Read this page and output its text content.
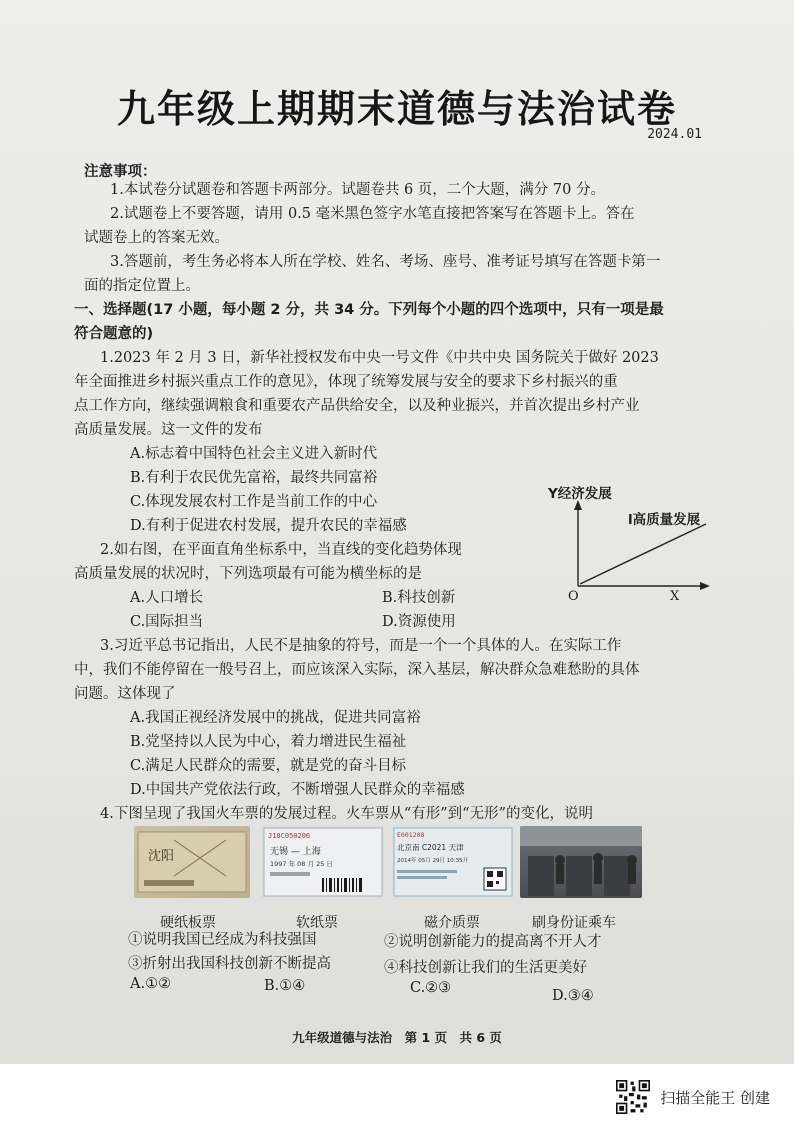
九年级上期期末道德与法治试卷
2024.01
注意事项：
1.本试卷分试题卷和答题卡两部分。试题卷共 6 页，二个大题，满分 70 分。
2.试题卷上不要答题，请用 0.5 毫米黑色签字水笔直接把答案写在答题卡上。答在
试题卷上的答案无效。
3.答题前，考生务必将本人所在学校、姓名、考场、座号、准考证号填写在答题卡第一
面的指定位置上。
一、选择题(17 小题，每小题 2 分，共 34 分。下列每个小题的四个选项中，只有一项是最
符合题意的)
1.2023 年 2 月 3 日，新华社授权发布中央一号文件《中共中央 国务院关于做好 2023
年全面推进乡村振兴重点工作的意见》，体现了统筹发展与安全的要求下乡村振兴的重
点工作方向，继续强调粮食和重要农产品供给安全，以及种业振兴，并首次提出乡村产业
高质量发展。这一文件的发布
A.标志着中国特色社会主义进入新时代
B.有利于农民优先富裕，最终共同富裕
C.体现发展农村工作是当前工作的中心
D.有利于促进农村发展，提升农民的幸福感
Y经济发展
l高质量发展
O	X
2.如右图，在平面直角坐标系中，当直线的变化趋势体现
高质量发展的状况时，下列选项最有可能为横坐标的是
A.人口增长	B.科技创新
C.国际担当	D.资源使用
3.习近平总书记指出，人民不是抽象的符号，而是一个一个具体的人。在实际工作
中，我们不能停留在一般号召上，而应该深入实际，深入基层，解决群众急难愁盼的具体
问题。这体现了
A.我国正视经济发展中的挑战，促进共同富裕
B.党坚持以人民为中心，着力增进民生福祉
C.满足人民群众的需要，就是党的奋斗目标
D.中国共产党依法行政，不断增强人民群众的幸福感
4.下图呈现了我国火车票的发展过程。火车票从“有形”到“无形”的变化，说明
沈阳
J18C050206
无锡 — 上海
1997 年 08 月 25 日
E001208
北京南 C2021 天津
2014年 05月 29日 10:35开
硬纸板票	软纸票	磁介质票	刷身份证乘车
①说明我国已经成为科技强国	②说明创新能力的提高离不开人才
③折射出我国科技创新不断提高	④科技创新让我们的生活更美好
A.①②	B.①④	C.②③	D.③④
九年级道德与法治　第 1 页　共 6 页
扫描全能王 创建
